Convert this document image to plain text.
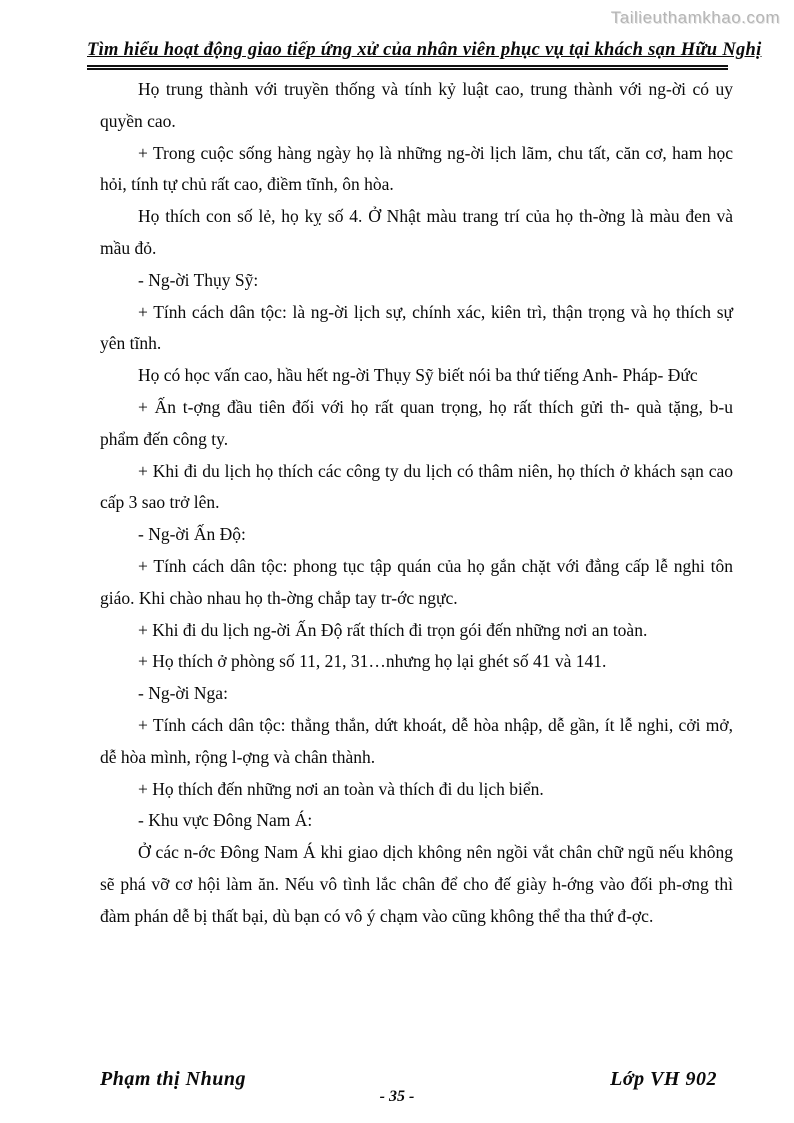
Tailieuthamkhao.com
Tìm hiểu hoạt động giao tiếp ứng xử của nhân viên phục vụ tại khách sạn Hữu Nghị

Họ trung thành với truyền thống và tính kỷ luật cao, trung thành với ng-ời có uy quyền cao.

+ Trong cuộc sống hàng ngày họ là những ng-ời lịch lãm, chu tất, căn cơ, ham học hỏi, tính tự chủ rất cao, điềm tĩnh, ôn hòa.

Họ thích con số lẻ, họ kỵ số 4. Ở Nhật màu trang trí của họ th-ờng là màu đen và mầu đỏ.

- Ng-ời Thụy Sỹ:

+ Tính cách dân tộc: là ng-ời lịch sự, chính xác, kiên trì, thận trọng và họ thích sự yên tĩnh.

Họ có học vấn cao, hầu hết ng-ời Thụy Sỹ biết nói ba thứ tiếng Anh- Pháp- Đức

+ Ấn t-ợng đầu tiên đối với họ rất quan trọng, họ rất thích gửi th- quà tặng, b-u phẩm đến công ty.

+ Khi đi du lịch họ thích các công ty du lịch có thâm niên, họ thích ở khách sạn cao cấp 3 sao trở lên.

- Ng-ời Ấn Độ:

+ Tính cách dân tộc: phong tục tập quán của họ gắn chặt với đẳng cấp lễ nghi tôn giáo. Khi chào nhau họ th-ờng chắp tay tr-ớc ngực.

+ Khi đi du lịch ng-ời Ấn Độ rất thích đi trọn gói đến những nơi an toàn.

+ Họ thích ở phòng số 11, 21, 31…nhưng họ lại ghét số 41 và 141.

- Ng-ời Nga:

+ Tính cách dân tộc: thẳng thắn, dứt khoát, dễ hòa nhập, dễ gần, ít lễ nghi, cởi mở, dễ hòa mình, rộng l-ợng và chân thành.

+ Họ thích đến những nơi an toàn và thích đi du lịch biển.

- Khu vực Đông Nam Á:

Ở các n-ớc Đông Nam Á khi giao dịch không nên ngồi vắt chân chữ ngũ nếu không sẽ phá vỡ cơ hội làm ăn. Nếu vô tình lắc chân để cho đế giày h-ớng vào đối ph-ơng thì đàm phán dễ bị thất bại, dù bạn có vô ý chạm vào cũng không thể tha thứ đ-ợc.

Phạm thị Nhung	Lớp VH 902
- 35 -
